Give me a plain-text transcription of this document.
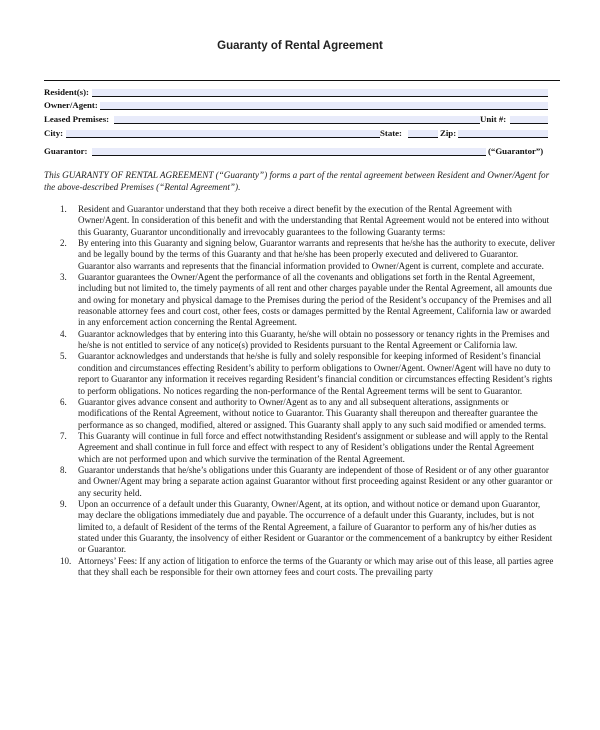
Guaranty of Rental Agreement
Resident(s):
Owner/Agent:
Leased Premises:	Unit #:
City:	State:	Zip:
Guarantor:	(“Guarantor”)
This GUARANTY OF RENTAL AGREEMENT (“Guaranty”) forms a part of the rental agreement between Resident and Owner/Agent for the above-described Premises (“Rental Agreement”).
1. Resident and Guarantor understand that they both receive a direct benefit by the execution of the Rental Agreement with Owner/Agent. In consideration of this benefit and with the understanding that Rental Agreement would not be entered into without this Guaranty, Guarantor unconditionally and irrevocably guarantees to the following Guaranty terms:
2. By entering into this Guaranty and signing below, Guarantor warrants and represents that he/she has the authority to execute, deliver and be legally bound by the terms of this Guaranty and that he/she has been properly executed and delivered to Guarantor. Guarantor also warrants and represents that the financial information provided to Owner/Agent is current, complete and accurate.
3. Guarantor guarantees the Owner/Agent the performance of all the covenants and obligations set forth in the Rental Agreement, including but not limited to, the timely payments of all rent and other charges payable under the Rental Agreement, all amounts due and owing for monetary and physical damage to the Premises during the period of the Resident’s occupancy of the Premises and all reasonable attorney fees and court cost, other fees, costs or damages permitted by the Rental Agreement, California law or awarded in any enforcement action concerning the Rental Agreement.
4. Guarantor acknowledges that by entering into this Guaranty, he/she will obtain no possessory or tenancy rights in the Premises and he/she is not entitled to service of any notice(s) provided to Residents pursuant to the Rental Agreement or California law.
5. Guarantor acknowledges and understands that he/she is fully and solely responsible for keeping informed of Resident’s financial condition and circumstances effecting Resident’s ability to perform obligations to Owner/Agent. Owner/Agent will have no duty to report to Guarantor any information it receives regarding Resident’s financial condition or circumstances effecting Resident’s rights to perform obligations. No notices regarding the non-performance of the Rental Agreement terms will be sent to Guarantor.
6. Guarantor gives advance consent and authority to Owner/Agent as to any and all subsequent alterations, assignments or modifications of the Rental Agreement, without notice to Guarantor. This Guaranty shall thereupon and thereafter guarantee the performance as so changed, modified, altered or assigned. This Guaranty shall apply to any such said modified or amended terms.
7. This Guaranty will continue in full force and effect notwithstanding Resident's assignment or sublease and will apply to the Rental Agreement and shall continue in full force and effect with respect to any of Resident’s obligations under the Rental Agreement which are not performed upon and which survive the termination of the Rental Agreement.
8. Guarantor understands that he/she’s obligations under this Guaranty are independent of those of Resident or of any other guarantor and Owner/Agent may bring a separate action against Guarantor without first proceeding against Resident or any other guarantor or any security held.
9. Upon an occurrence of a default under this Guaranty, Owner/Agent, at its option, and without notice or demand upon Guarantor, may declare the obligations immediately due and payable. The occurrence of a default under this Guaranty, includes, but is not limited to, a default of Resident of the terms of the Rental Agreement, a failure of Guarantor to perform any of his/her duties as stated under this Guaranty, the insolvency of either Resident or Guarantor or the commencement of a bankruptcy by either Resident or Guarantor.
10. Attorneys’ Fees: If any action of litigation to enforce the terms of the Guaranty or which may arise out of this lease, all parties agree that they shall each be responsible for their own attorney fees and court costs. The prevailing party
